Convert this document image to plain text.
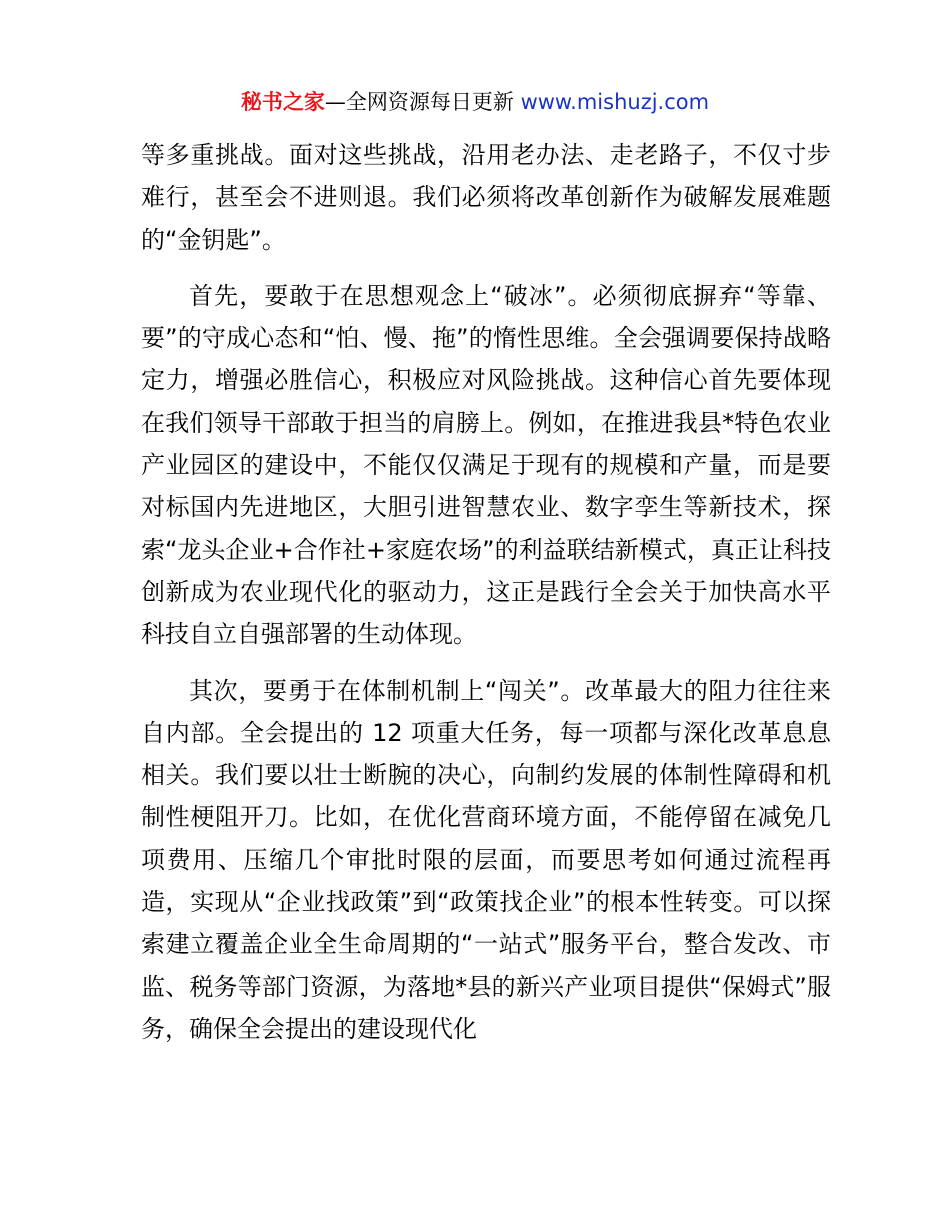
秘书之家—全网资源每日更新 www.mishuzj.com

等多重挑战。面对这些挑战，沿用老办法、走老路子，不仅寸步难行，甚至会不进则退。我们必须将改革创新作为破解发展难题的“金钥匙”。

首先，要敢于在思想观念上“破冰”。必须彻底摒弃“等靠、要”的守成心态和“怕、慢、拖”的惰性思维。全会强调要保持战略定力，增强必胜信心，积极应对风险挑战。这种信心首先要体现在我们领导干部敢于担当的肩膀上。例如，在推进我县*特色农业产业园区的建设中，不能仅仅满足于现有的规模和产量，而是要对标国内先进地区，大胆引进智慧农业、数字孪生等新技术，探索“龙头企业+合作社+家庭农场”的利益联结新模式，真正让科技创新成为农业现代化的驱动力，这正是践行全会关于加快高水平科技自立自强部署的生动体现。

其次，要勇于在体制机制上“闯关”。改革最大的阻力往往来自内部。全会提出的 12 项重大任务，每一项都与深化改革息息相关。我们要以壮士断腕的决心，向制约发展的体制性障碍和机制性梗阻开刀。比如，在优化营商环境方面，不能停留在减免几项费用、压缩几个审批时限的层面，而要思考如何通过流程再造，实现从“企业找政策”到“政策找企业”的根本性转变。可以探索建立覆盖企业全生命周期的“一站式”服务平台，整合发改、市监、税务等部门资源，为落地*县的新兴产业项目提供“保姆式”服务，确保全会提出的建设现代化
